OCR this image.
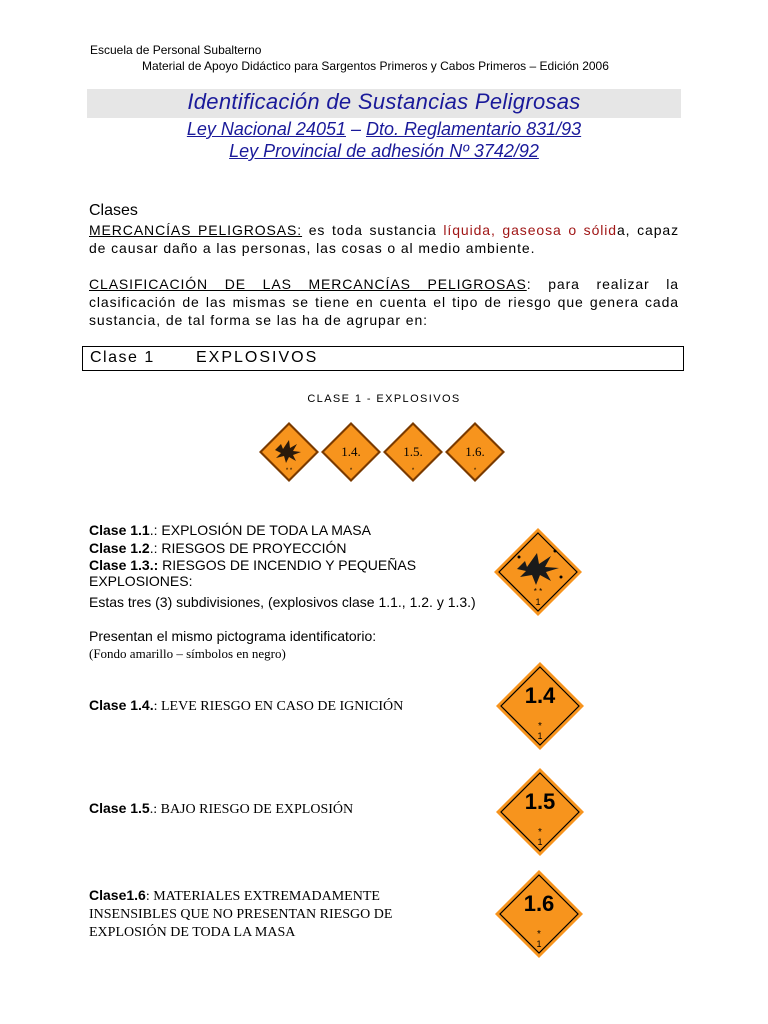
Escuela de Personal Subalterno
Material de Apoyo Didáctico para Sargentos Primeros y Cabos Primeros – Edición 2006
Identificación de Sustancias Peligrosas
Ley Nacional 24051 – Dto. Reglamentario 831/93
Ley Provincial de adhesión Nº 3742/92
Clases
MERCANCÍAS PELIGROSAS: es toda sustancia líquida, gaseosa o sólida, capaz de causar daño a las personas, las cosas o al medio ambiente.
CLASIFICACIÓN DE LAS MERCANCÍAS PELIGROSAS: para realizar la clasificación de las mismas se tiene en cuenta el tipo de riesgo que genera cada sustancia, de tal forma se las ha de agrupar en:
Clase 1	EXPLOSIVOS
CLASE 1 - EXPLOSIVOS
* *
1.4.
*
1.5.
*
1.6.
*
Clase 1.1.: EXPLOSIÓN DE TODA LA MASA
Clase 1.2.: RIESGOS DE PROYECCIÓN
Clase 1.3.: RIESGOS DE INCENDIO Y PEQUEÑAS EXPLOSIONES:
Estas tres (3) subdivisiones, (explosivos clase 1.1., 1.2. y 1.3.)
Presentan el mismo pictograma identificatorio:
(Fondo amarillo – símbolos en negro)
* *
1
Clase 1.4.: LEVE RIESGO EN CASO DE IGNICIÓN	1.4
*
1
Clase 1.5.: BAJO RIESGO DE EXPLOSIÓN	1.5
*
1
Clase1.6: MATERIALES EXTREMADAMENTE INSENSIBLES QUE NO PRESENTAN RIESGO DE EXPLOSIÓN DE TODA LA MASA
1.6
*
1
